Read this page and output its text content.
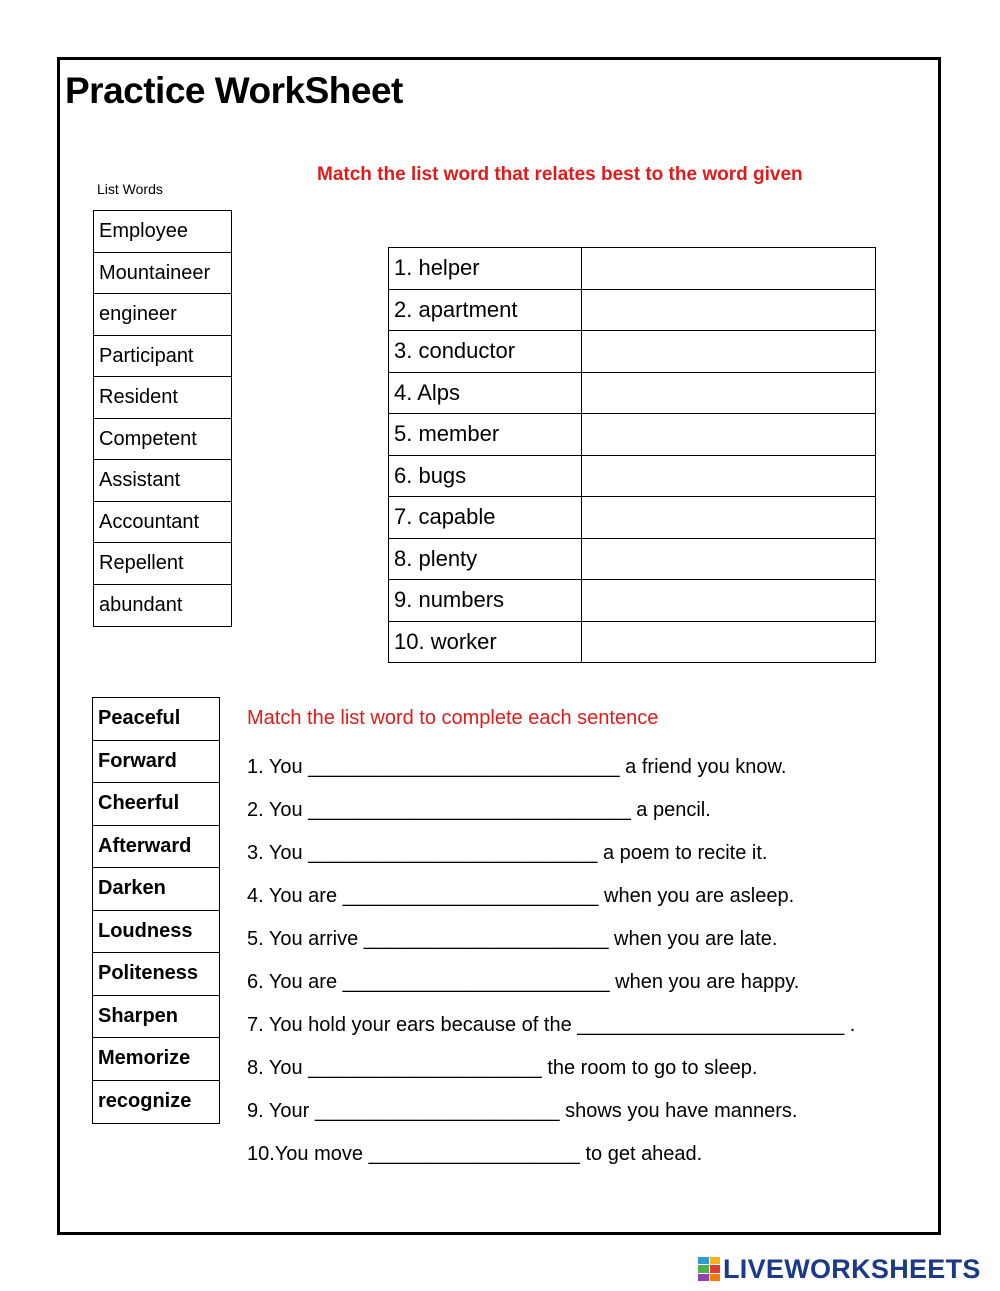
Practice WorkSheet
List Words
Match the list word that relates best to the word given
Employee
Mountaineer
engineer
Participant
Resident
Competent
Assistant
Accountant
Repellent
abundant
1. helper	
2. apartment	
3. conductor	
4. Alps	
5. member	
6. bugs	
7. capable	
8. plenty	
9. numbers	
10. worker	
Peaceful
Forward
Cheerful
Afterward
Darken
Loudness
Politeness
Sharpen
Memorize
recognize
Match the list word to complete each sentence
1. You ____________________________ a friend you know.
2. You _____________________________ a pencil.
3. You __________________________ a poem to recite it.
4. You are _______________________ when you are asleep.
5. You arrive ______________________ when you are late.
6. You are ________________________ when you are happy.
7. You hold your ears because of the ________________________ .
8. You _____________________ the room to go to sleep.
9. Your ______________________ shows you have manners.
10.You move ___________________ to get ahead.
LIVEWORKSHEETS
